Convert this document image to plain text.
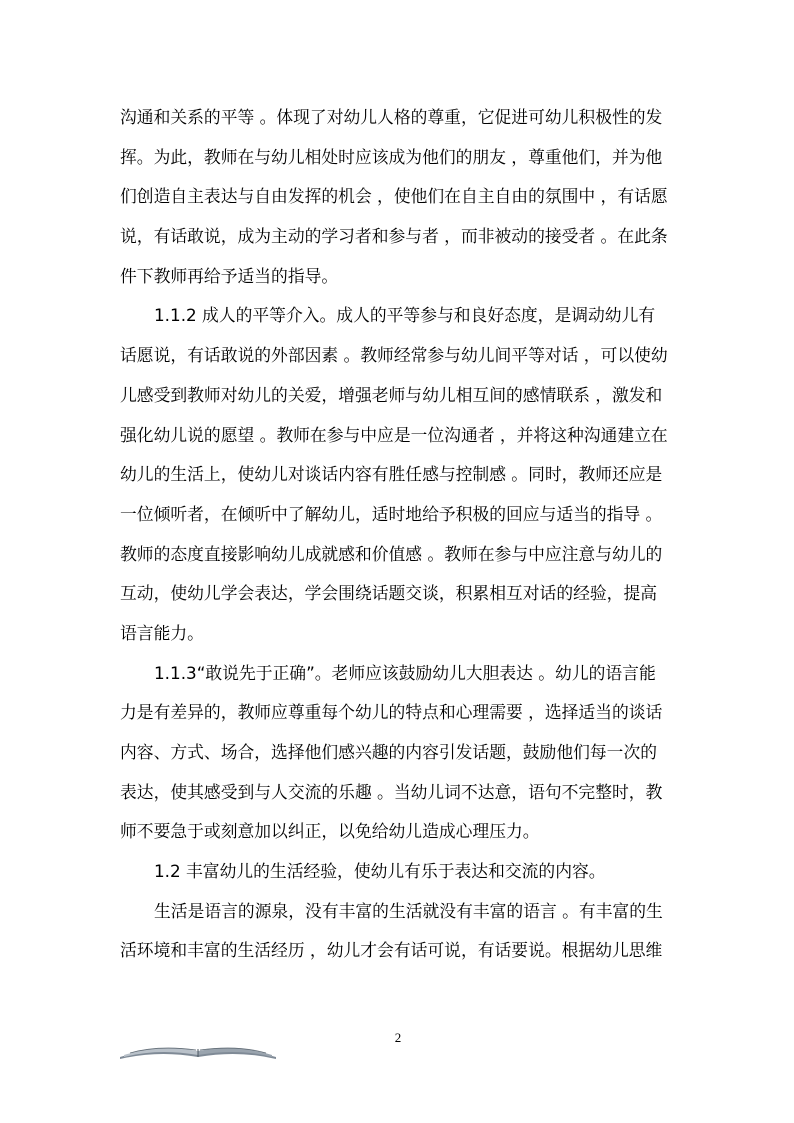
沟通和关系的平等 。体现了对幼儿人格的尊重，它促进可幼儿积极性的发
挥。为此，教师在与幼儿相处时应该成为他们的朋友 ，尊重他们，并为他
们创造自主表达与自由发挥的机会 ，使他们在自主自由的氛围中 ，有话愿
说，有话敢说，成为主动的学习者和参与者 ，而非被动的接受者 。在此条
件下教师再给予适当的指导。
1.1.2 成人的平等介入。成人的平等参与和良好态度，是调动幼儿有
话愿说，有话敢说的外部因素 。教师经常参与幼儿间平等对话 ，可以使幼
儿感受到教师对幼儿的关爱，增强老师与幼儿相互间的感情联系 ，激发和
强化幼儿说的愿望 。教师在参与中应是一位沟通者 ，并将这种沟通建立在
幼儿的生活上，使幼儿对谈话内容有胜任感与控制感 。同时，教师还应是
一位倾听者，在倾听中了解幼儿，适时地给予积极的回应与适当的指导 。
教师的态度直接影响幼儿成就感和价值感 。教师在参与中应注意与幼儿的
互动，使幼儿学会表达，学会围绕话题交谈，积累相互对话的经验，提高
语言能力。
1.1.3“敢说先于正确”。老师应该鼓励幼儿大胆表达 。幼儿的语言能
力是有差异的，教师应尊重每个幼儿的特点和心理需要 ，选择适当的谈话
内容、方式、场合，选择他们感兴趣的内容引发话题，鼓励他们每一次的
表达，使其感受到与人交流的乐趣 。当幼儿词不达意，语句不完整时，教
师不要急于或刻意加以纠正，以免给幼儿造成心理压力。
1.2 丰富幼儿的生活经验，使幼儿有乐于表达和交流的内容。
生活是语言的源泉，没有丰富的生活就没有丰富的语言 。有丰富的生
活环境和丰富的生活经历 ，幼儿才会有话可说，有话要说。根据幼儿思维
2
